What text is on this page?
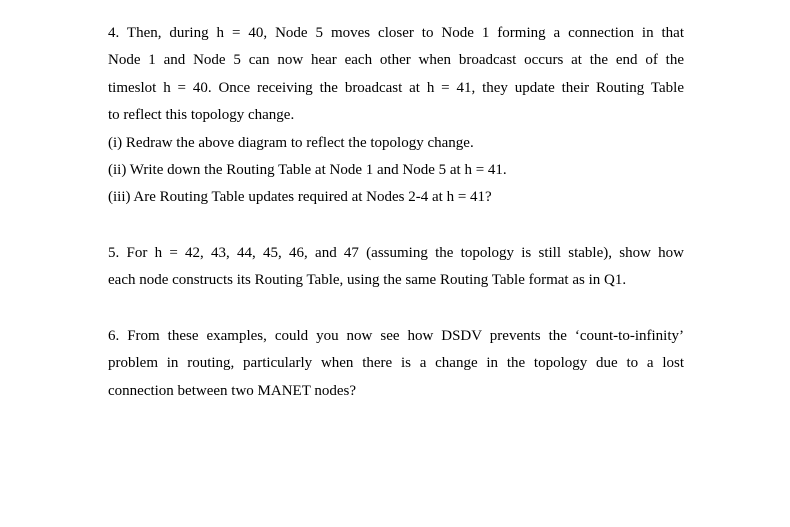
4. Then, during h = 40, Node 5 moves closer to Node 1 forming a connection in that

Node 1 and Node 5 can now hear each other when broadcast occurs at the end of the

timeslot h = 40. Once receiving the broadcast at h = 41, they update their Routing Table

to reflect this topology change.

(i) Redraw the above diagram to reflect the topology change.

(ii) Write down the Routing Table at Node 1 and Node 5 at h = 41.

(iii) Are Routing Table updates required at Nodes 2-4 at h = 41?

5. For h = 42, 43, 44, 45, 46, and 47 (assuming the topology is still stable), show how

each node constructs its Routing Table, using the same Routing Table format as in Q1.

6. From these examples, could you now see how DSDV prevents the ‘count-to-infinity’

problem in routing, particularly when there is a change in the topology due to a lost

connection between two MANET nodes?
